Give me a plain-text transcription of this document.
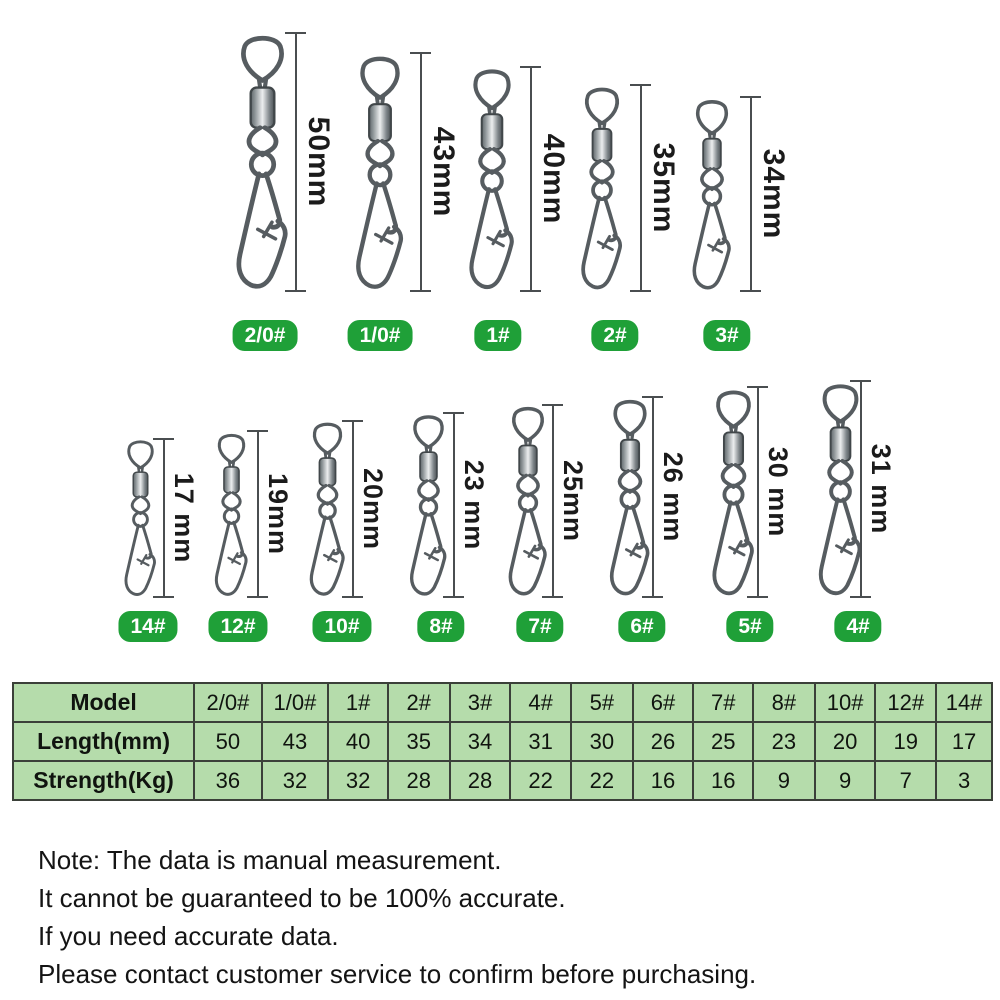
50mm
2/0#
43mm
1/0#
40mm
1#
35mm
2#
34mm
3#
17 mm
14#
19mm
12#
20mm
10#
23 mm
8#
25mm
7#
26 mm
6#
30 mm
5#
31 mm
4#
Model	2/0#	1/0#	1#	2#	3#	4#	5#	6#	7#	8#	10#	12#	14#
Length(mm)	50	43	40	35	34	31	30	26	25	23	20	19	17
Strength(Kg)	36	32	32	28	28	22	22	16	16	9	9	7	3
Note: The data is manual measurement.
It cannot be guaranteed to be 100% accurate.
If you need accurate data.
Please contact customer service to confirm before purchasing.
